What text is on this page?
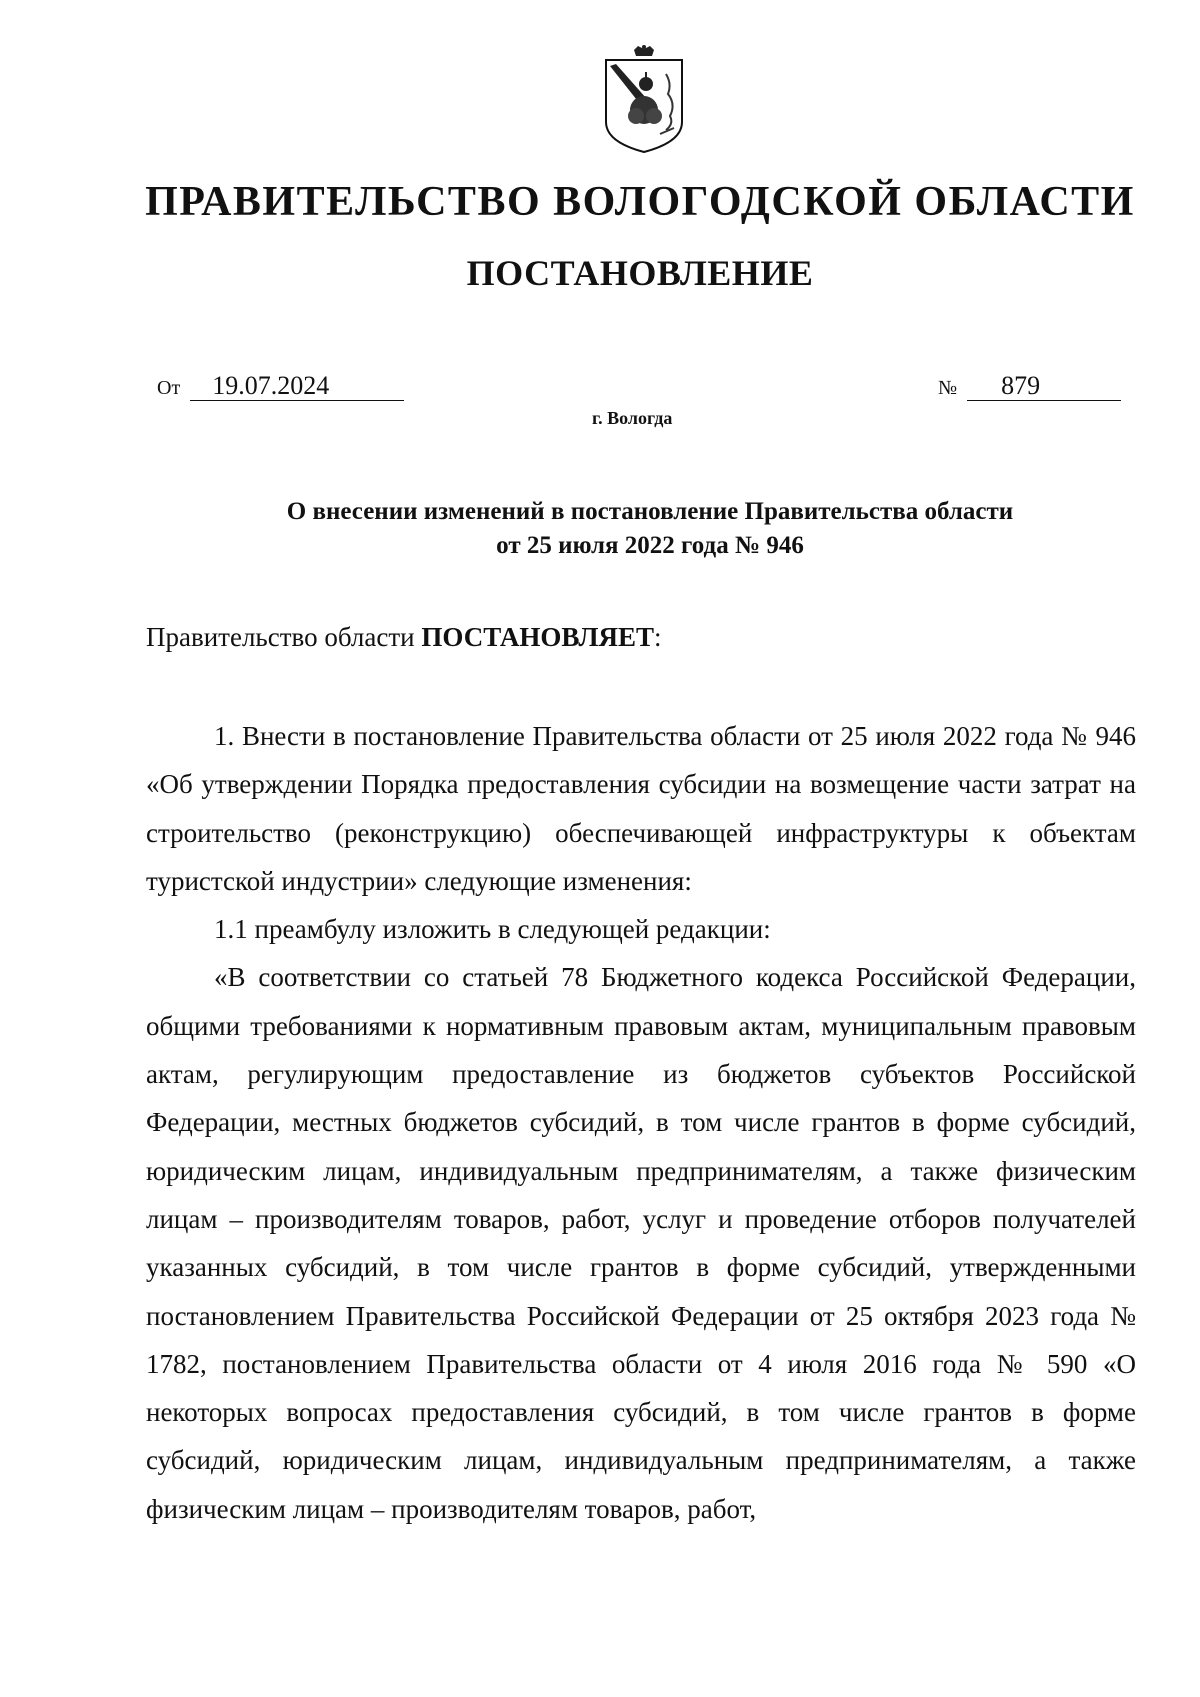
ПРАВИТЕЛЬСТВО ВОЛОГОДСКОЙ ОБЛАСТИ
ПОСТАНОВЛЕНИЕ
От 19.07.2024	№ 879
г. Вологда
О внесении изменений в постановление Правительства области
от 25 июля 2022 года № 946
Правительство области ПОСТАНОВЛЯЕТ:

1. Внести в постановление Правительства области от 25 июля 2022 года № 946 «Об утверждении Порядка предоставления субсидии на возмещение части затрат на строительство (реконструкцию) обеспечивающей инфраструктуры к объектам туристской индустрии» следующие изменения:

1.1 преамбулу изложить в следующей редакции:

«В соответствии со статьей 78 Бюджетного кодекса Российской Федерации, общими требованиями к нормативным правовым актам, муниципальным правовым актам, регулирующим предоставление из бюджетов субъектов Российской Федерации, местных бюджетов субсидий, в том числе грантов в форме субсидий, юридическим лицам, индивидуальным предпринимателям, а также физическим лицам – производителям товаров, работ, услуг и проведение отборов получателей указанных субсидий, в том числе грантов в форме субсидий, утвержденными постановлением Правительства Российской Федерации от 25 октября 2023 года № 1782, постановлением Правительства области от 4 июля 2016 года № 590 «О некоторых вопросах предоставления субсидий, в том числе грантов в форме субсидий, юридическим лицам, индивидуальным предпринимателям, а также физическим лицам – производителям товаров, работ,
